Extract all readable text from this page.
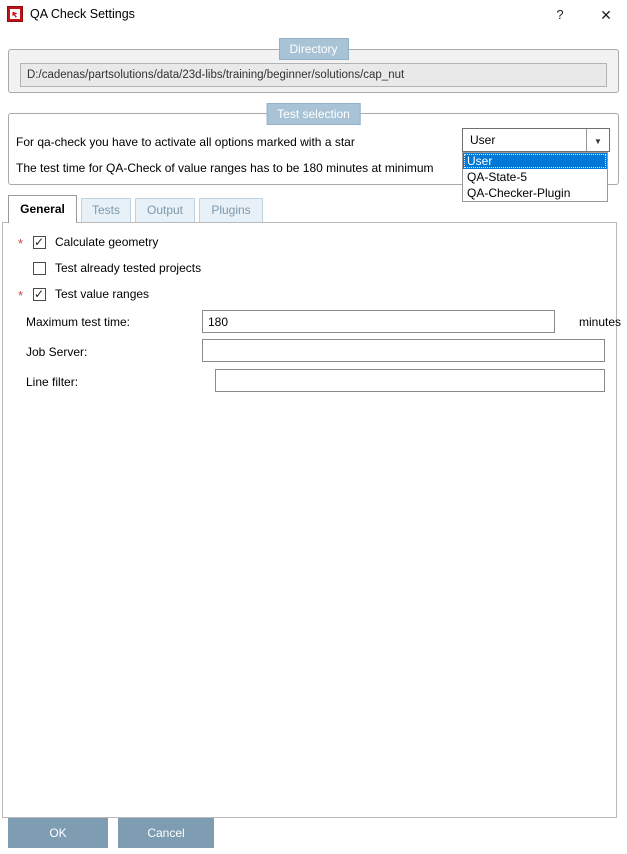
QA Check Settings	?	✕
Directory
D:/cadenas/partsolutions/data/23d-libs/training/beginner/solutions/cap_nut
Test selection
For qa-check you have to activate all options marked with a star
The test time for QA-Check of value ranges has to be 180 minutes at minimum
User	▼
User
QA-State-5
QA-Checker-Plugin
General	Tests	Output	Plugins
* ✓ Calculate geometry
Test already tested projects
* ✓ Test value ranges
Maximum test time:
180	minutes
Job Server:
Line filter:
OK	Cancel
